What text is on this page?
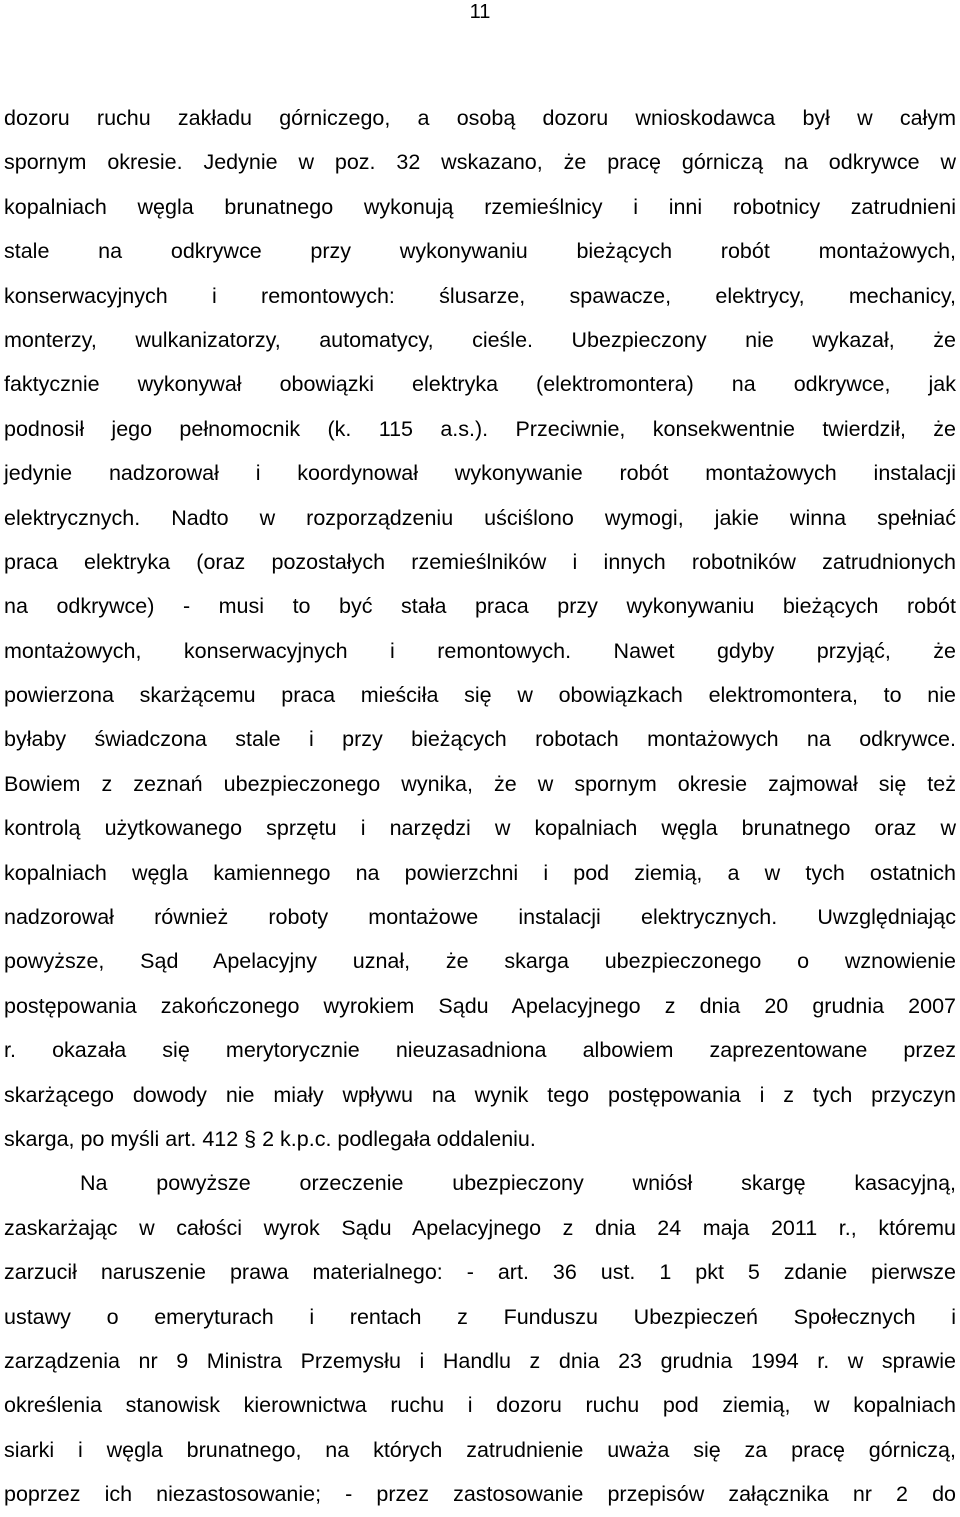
11
dozoru ruchu zakładu górniczego, a osobą dozoru wnioskodawca był w całym
spornym okresie. Jedynie w poz. 32 wskazano, że pracę górniczą na odkrywce w
kopalniach węgla brunatnego wykonują rzemieślnicy i inni robotnicy zatrudnieni
stale na odkrywce przy wykonywaniu bieżących robót montażowych,
konserwacyjnych i remontowych: ślusarze, spawacze, elektrycy, mechanicy,
monterzy, wulkanizatorzy, automatycy, cieśle. Ubezpieczony nie wykazał, że
faktycznie wykonywał obowiązki elektryka (elektromontera) na odkrywce, jak
podnosił jego pełnomocnik (k. 115 a.s.). Przeciwnie, konsekwentnie twierdził, że
jedynie nadzorował i koordynował wykonywanie robót montażowych instalacji
elektrycznych. Nadto w rozporządzeniu uściślono wymogi, jakie winna spełniać
praca elektryka (oraz pozostałych rzemieślników i innych robotników zatrudnionych
na odkrywce) - musi to być stała praca przy wykonywaniu bieżących robót
montażowych, konserwacyjnych i remontowych. Nawet gdyby przyjąć, że
powierzona skarżącemu praca mieściła się w obowiązkach elektromontera, to nie
byłaby świadczona stale i przy bieżących robotach montażowych na odkrywce.
Bowiem z zeznań ubezpieczonego wynika, że w spornym okresie zajmował się też
kontrolą użytkowanego sprzętu i narzędzi w kopalniach węgla brunatnego oraz w
kopalniach węgla kamiennego na powierzchni i pod ziemią, a w tych ostatnich
nadzorował również roboty montażowe instalacji elektrycznych. Uwzględniając
powyższe, Sąd Apelacyjny uznał, że skarga ubezpieczonego o wznowienie
postępowania zakończonego wyrokiem Sądu Apelacyjnego z dnia 20 grudnia 2007
r. okazała się merytorycznie nieuzasadniona albowiem zaprezentowane przez
skarżącego dowody nie miały wpływu na wynik tego postępowania i z tych przyczyn
skarga, po myśli art. 412 § 2 k.p.c. podlegała oddaleniu.
Na powyższe orzeczenie ubezpieczony wniósł skargę kasacyjną,
zaskarżając w całości wyrok Sądu Apelacyjnego z dnia 24 maja 2011 r., któremu
zarzucił naruszenie prawa materialnego: - art. 36 ust. 1 pkt 5 zdanie pierwsze
ustawy o emeryturach i rentach z Funduszu Ubezpieczeń Społecznych i
zarządzenia nr 9 Ministra Przemysłu i Handlu z dnia 23 grudnia 1994 r. w sprawie
określenia stanowisk kierownictwa ruchu i dozoru ruchu pod ziemią, w kopalniach
siarki i węgla brunatnego, na których zatrudnienie uważa się za pracę górniczą,
poprzez ich niezastosowanie; - przez zastosowanie przepisów załącznika nr 2 do
